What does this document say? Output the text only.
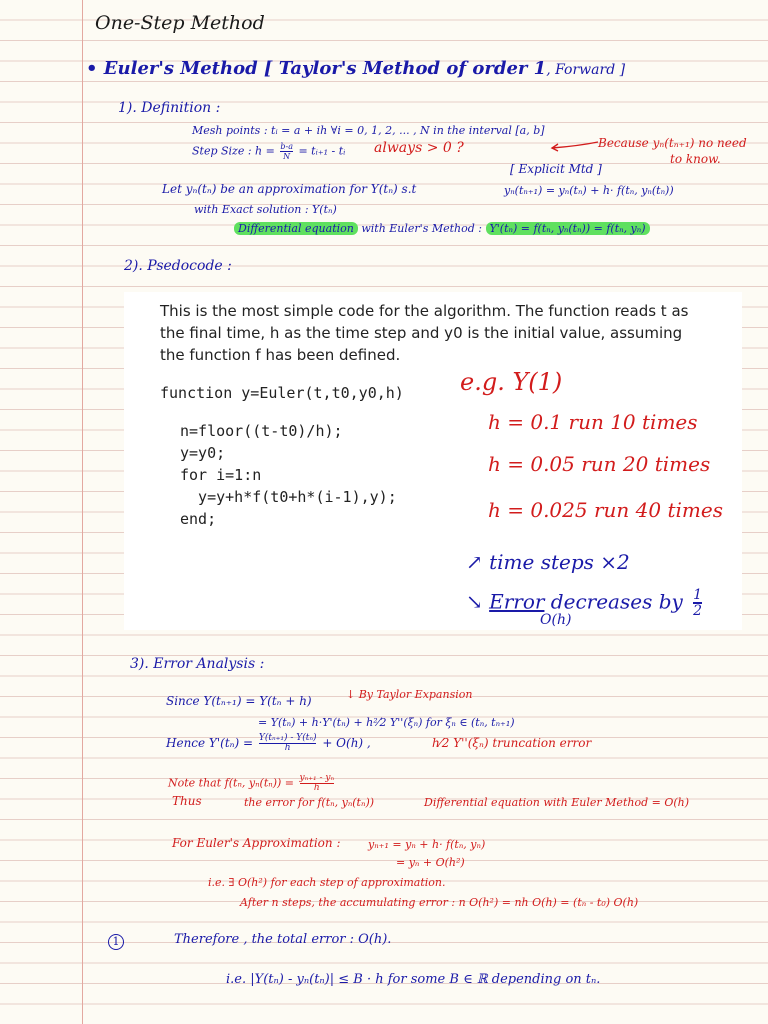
One-Step Method
• Euler's Method [ Taylor's Method of order 1, Forward ]
1). Definition :
Mesh points : tᵢ = a + ih ∀i = 0, 1, 2, ... , N in the interval [a, b]
Step Size : $h = \frac{b-a}{N}$ = tᵢ₊₁ - tᵢ always > 0 ?	Because yₙ(tₙ₊₁) no need
to know.
[ Explicit Mtd ]
Let yₙ(tₙ) be an approximation for Y(tₙ) s.t	yₙ(tₙ₊₁) = yₙ(tₙ) + h· f(tₙ, yₙ(tₙ))
with Exact solution : Y(tₙ)
Differential equation with Euler's Method : Y'(tₙ) = f(tₙ, yₙ(tₙ)) = f(tₙ, yₙ)
2). Psedocode :
This is the most simple code for the algorithm. The function reads t as the final time, h as the time step and y0 is the initial value, assuming the function f has been defined.
function y=Euler(t,t0,y0,h)
n=floor((t-t0)/h);
y=y0;
for i=1:n
y=y+h*f(t0+h*(i-1),y);
end;
e.g. Y(1)
h = 0.1 run 10 times
h = 0.05 run 20 times
h = 0.025 run 40 times
↗ time steps ×2
↘ Error decreases by $\frac{1}{2}$
O(h)
3). Error Analysis :
Since Y(tₙ₊₁) = Y(tₙ + h)	↓ By Taylor Expansion
= Y(tₙ) + h·Y'(tₙ) + h²⁄2 Y''(ξₙ) for ξₙ ∈ (tₙ, tₙ₊₁)
Hence $Y'(t_n) = \frac{\text{Y(tₙ₊₁) - Y(tₙ)}}{h} + O(h)$ ,	h⁄2 Y''(ξₙ) truncation error
Note that f(tₙ, $y_n(t_n)) = \frac{\text{yₙ₊₁ - yₙ}}{h}$
Thus	the error for f(tₙ, yₙ(tₙ))	Differential equation with Euler Method = O(h)
For Euler's Approximation :	yₙ₊₁ = yₙ + h· f(tₙ, yₙ)
= yₙ + O(h²)
i.e. ∃ O(h²) for each step of approximation.
After n steps, the accumulating error : n O(h²) = nh O(h) = (tₙ - t₀) O(h)
1	Therefore , the total error : O(h).
i.e. |Y(tₙ) - yₙ(tₙ)| ≤ B · h for some B ∈ ℝ depending on tₙ.
